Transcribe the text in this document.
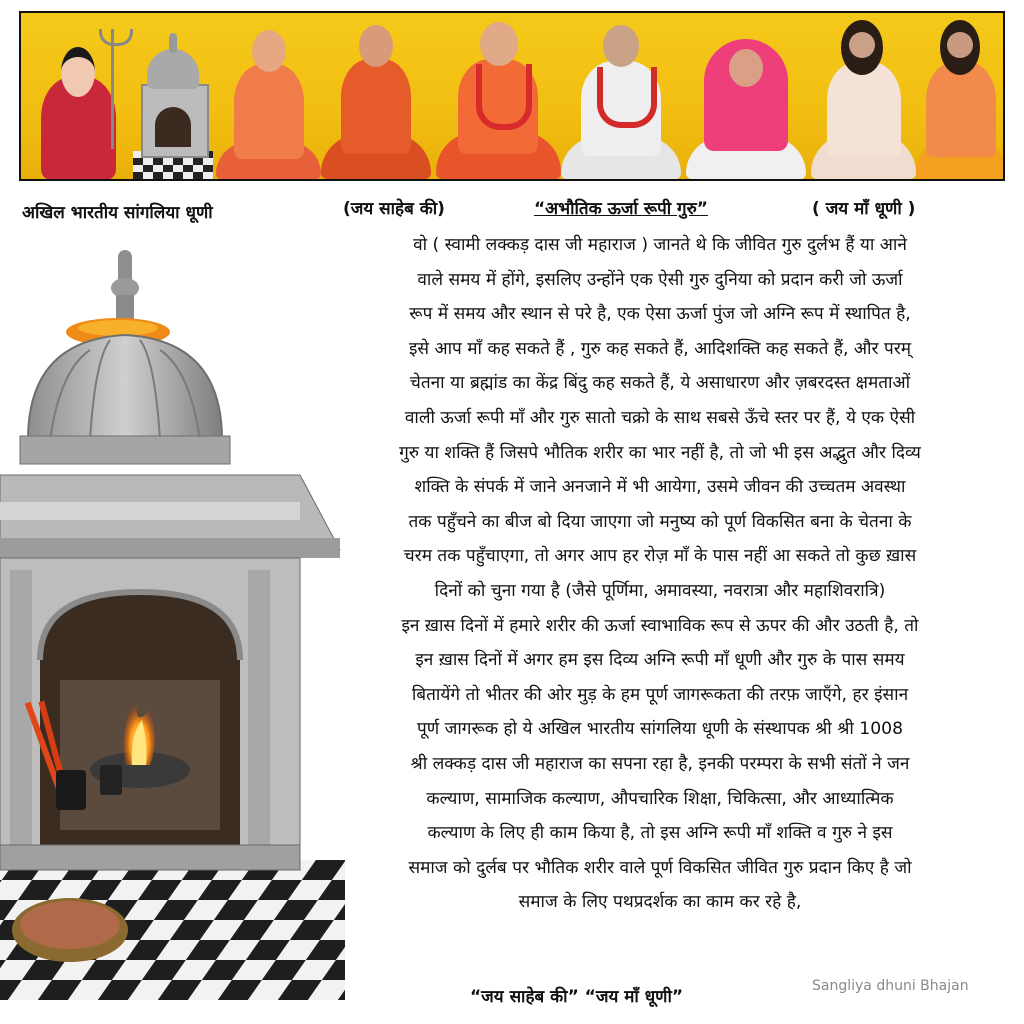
अखिल भारतीय सांगलिया धूणी	(जय साहेब की)	“अभौतिक ऊर्जा रूपी गुरु”	( जय माँ धूणी )

वो ( स्वामी लक्कड़ दास जी महाराज ) जानते थे कि जीवित गुरु दुर्लभ हैं या आने

वाले समय में होंगे, इसलिए उन्होंने एक ऐसी गुरु दुनिया को प्रदान करी जो ऊर्जा

रूप में समय और स्थान से परे है, एक ऐसा ऊर्जा पुंज जो अग्नि रूप में स्थापित है,

इसे आप माँ कह सकते हैं , गुरु कह सकते हैं, आदिशक्ति कह सकते हैं, और परम्

चेतना या ब्रह्मांड का केंद्र बिंदु कह सकते हैं, ये असाधारण और ज़बरदस्त क्षमताओं

वाली ऊर्जा रूपी माँ और गुरु सातो चक्रो के साथ सबसे ऊँचे स्तर पर हैं, ये एक ऐसी

गुरु या शक्ति हैं जिसपे भौतिक शरीर का भार नहीं है, तो जो भी इस अद्भुत और दिव्य

शक्ति के संपर्क में जाने अनजाने में भी आयेगा, उसमे जीवन की उच्चतम अवस्था

तक पहुँचने का बीज बो दिया जाएगा जो मनुष्य को पूर्ण विकसित बना के चेतना के

चरम तक पहुँचाएगा, तो अगर आप हर रोज़ माँ के पास नहीं आ सकते तो कुछ ख़ास

दिनों को चुना गया है (जैसे पूर्णिमा, अमावस्या, नवरात्रा और महाशिवरात्रि)

इन ख़ास दिनों में हमारे शरीर की ऊर्जा स्वाभाविक रूप से ऊपर की और उठती है, तो

इन ख़ास दिनों में अगर हम इस दिव्य अग्नि रूपी माँ धूणी और गुरु के पास समय

बितायेंगे तो भीतर की ओर मुड़ के हम पूर्ण जागरूकता की तरफ़ जाएँगे, हर इंसान

पूर्ण जागरूक हो ये अखिल भारतीय सांगलिया धूणी के संस्थापक श्री श्री 1008

श्री लक्कड़ दास जी महाराज का सपना रहा है, इनकी परम्परा के सभी संतों ने जन

कल्याण, सामाजिक कल्याण, औपचारिक शिक्षा, चिकित्सा, और आध्यात्मिक

कल्याण के लिए ही काम किया है, तो इस अग्नि रूपी माँ शक्ति व गुरु ने इस

समाज को दुर्लब पर भौतिक शरीर वाले पूर्ण विकसित जीवित गुरु प्रदान किए है जो

समाज के लिए पथप्रदर्शक का काम कर रहे है,

“जय साहेब की” “जय माँ धूणी”
Sangliya dhuni Bhajan
